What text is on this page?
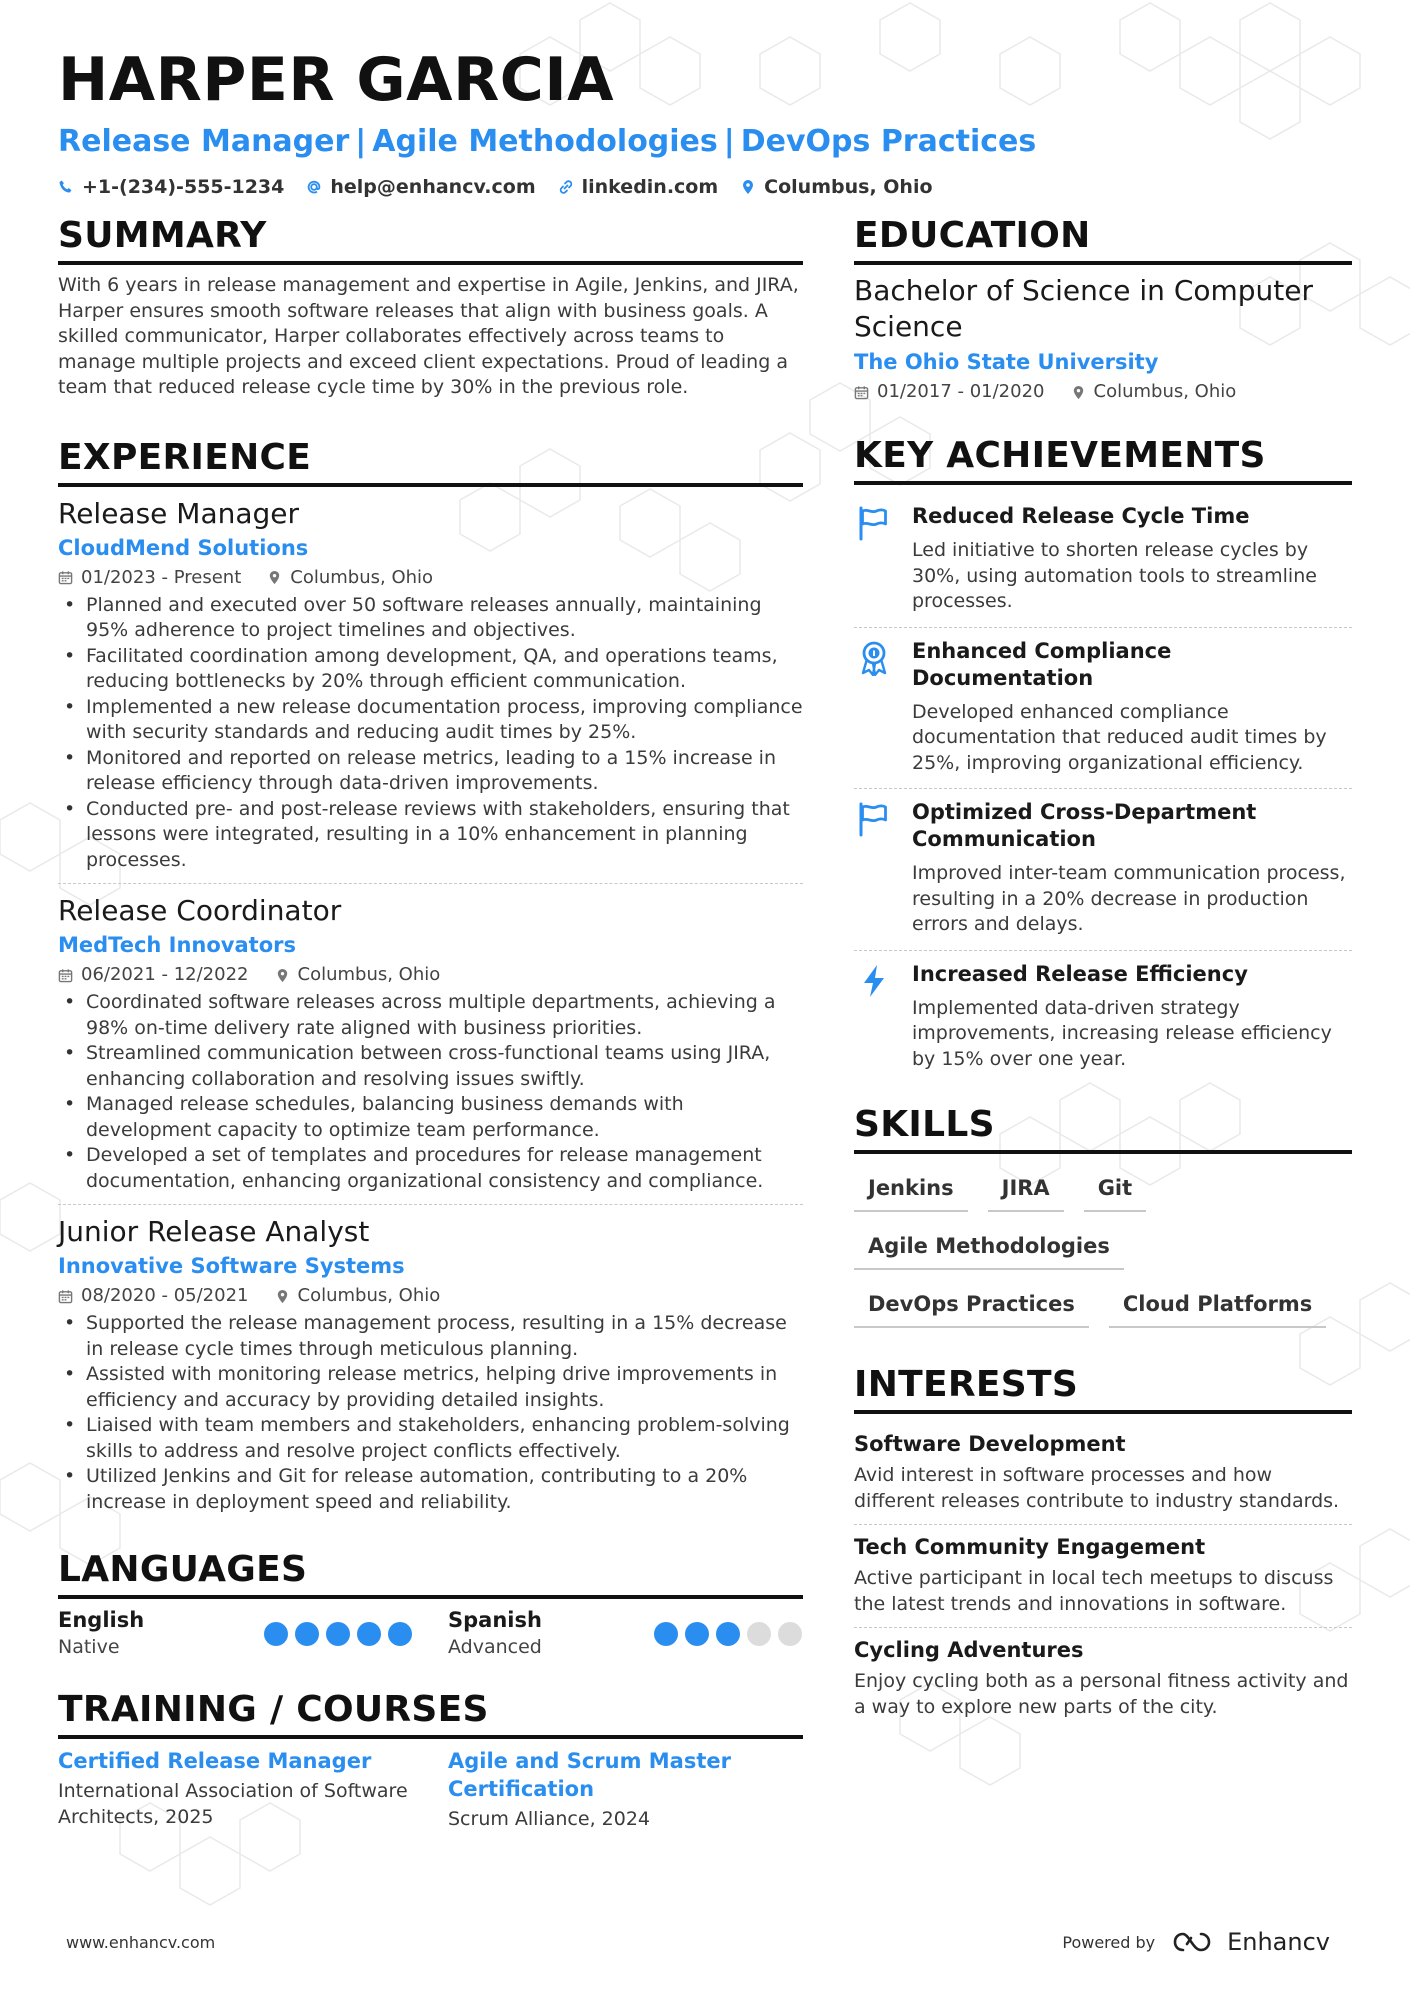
HARPER GARCIA
Release Manager | Agile Methodologies | DevOps Practices
+1-(234)-555-1234 help@enhancv.com linkedin.com Columbus, Ohio
SUMMARY

With 6 years in release management and expertise in Agile, Jenkins, and JIRA, Harper ensures smooth software releases that align with business goals. A skilled communicator, Harper collaborates effectively across teams to manage multiple projects and exceed client expectations. Proud of leading a team that reduced release cycle time by 30% in the previous role.

EXPERIENCE
Release Manager
CloudMend Solutions
01/2023 - Present	Columbus, Ohio
• Planned and executed over 50 software releases annually, maintaining 95% adherence to project timelines and objectives.
• Facilitated coordination among development, QA, and operations teams, reducing bottlenecks by 20% through efficient communication.
• Implemented a new release documentation process, improving compliance with security standards and reducing audit times by 25%.
• Monitored and reported on release metrics, leading to a 15% increase in release efficiency through data-driven improvements.
• Conducted pre- and post-release reviews with stakeholders, ensuring that lessons were integrated, resulting in a 10% enhancement in planning processes.
Release Coordinator
MedTech Innovators
06/2021 - 12/2022	Columbus, Ohio
• Coordinated software releases across multiple departments, achieving a 98% on-time delivery rate aligned with business priorities.
• Streamlined communication between cross-functional teams using JIRA, enhancing collaboration and resolving issues swiftly.
• Managed release schedules, balancing business demands with development capacity to optimize team performance.
• Developed a set of templates and procedures for release management documentation, enhancing organizational consistency and compliance.
Junior Release Analyst
Innovative Software Systems
08/2020 - 05/2021	Columbus, Ohio
• Supported the release management process, resulting in a 15% decrease in release cycle times through meticulous planning.
• Assisted with monitoring release metrics, helping drive improvements in efficiency and accuracy by providing detailed insights.
• Liaised with team members and stakeholders, enhancing problem-solving skills to address and resolve project conflicts effectively.
• Utilized Jenkins and Git for release automation, contributing to a 20% increase in deployment speed and reliability.
LANGUAGES
English
Native
Spanish
Advanced
TRAINING / COURSES
Certified Release Manager
International Association of Software Architects, 2025
Agile and Scrum Master Certification
Scrum Alliance, 2024
EDUCATION
Bachelor of Science in Computer Science
The Ohio State University
01/2017 - 01/2020	Columbus, Ohio
KEY ACHIEVEMENTS
Reduced Release Cycle Time
Led initiative to shorten release cycles by 30%, using automation tools to streamline processes.
Enhanced Compliance Documentation
Developed enhanced compliance documentation that reduced audit times by 25%, improving organizational efficiency.
Optimized Cross-Department Communication
Improved inter-team communication process, resulting in a 20% decrease in production errors and delays.
Increased Release Efficiency
Implemented data-driven strategy improvements, increasing release efficiency by 15% over one year.
SKILLS
Jenkins	JIRA	Git
Agile Methodologies
DevOps Practices	Cloud Platforms
INTERESTS
Software Development
Avid interest in software processes and how different releases contribute to industry standards.
Tech Community Engagement
Active participant in local tech meetups to discuss the latest trends and innovations in software.
Cycling Adventures
Enjoy cycling both as a personal fitness activity and a way to explore new parts of the city.
www.enhancv.com	Powered by	Enhancv
